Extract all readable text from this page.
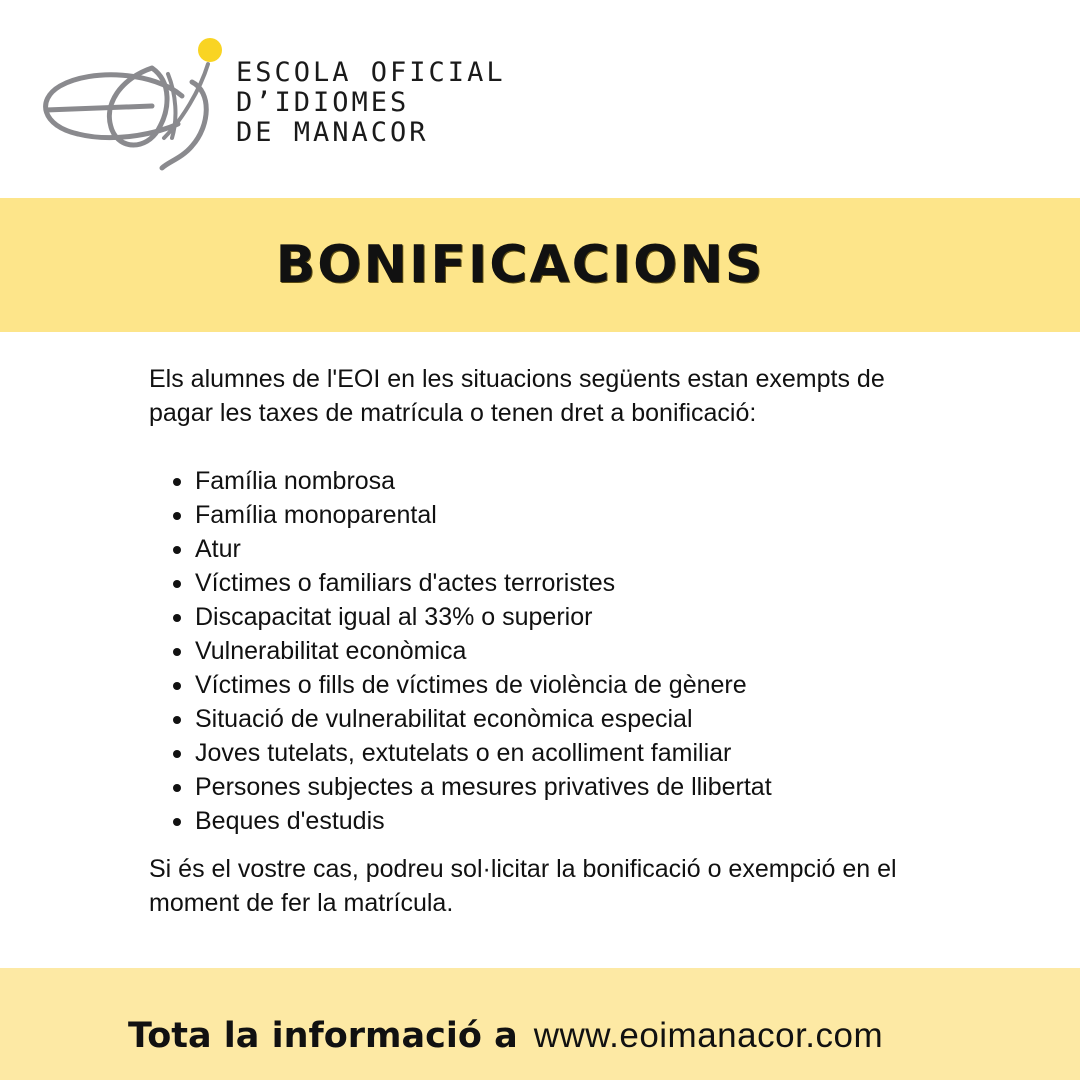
ESCOLA OFICIAL
D’IDIOMES
DE MANACOR
BONIFICACIONS

Els alumnes de l'EOI en les situacions següents estan exempts de pagar les taxes de matrícula o tenen dret a bonificació:

Família nombrosa
Família monoparental
Atur
Víctimes o familiars d'actes terroristes
Discapacitat igual al 33% o superior
Vulnerabilitat econòmica
Víctimes o fills de víctimes de violència de gènere
Situació de vulnerabilitat econòmica especial
Joves tutelats, extutelats o en acolliment familiar
Persones subjectes a mesures privatives de llibertat
Beques d'estudis

Si és el vostre cas, podreu sol·licitar la bonificació o exempció en el moment de fer la matrícula.

Tota la informació a www.eoimanacor.com
